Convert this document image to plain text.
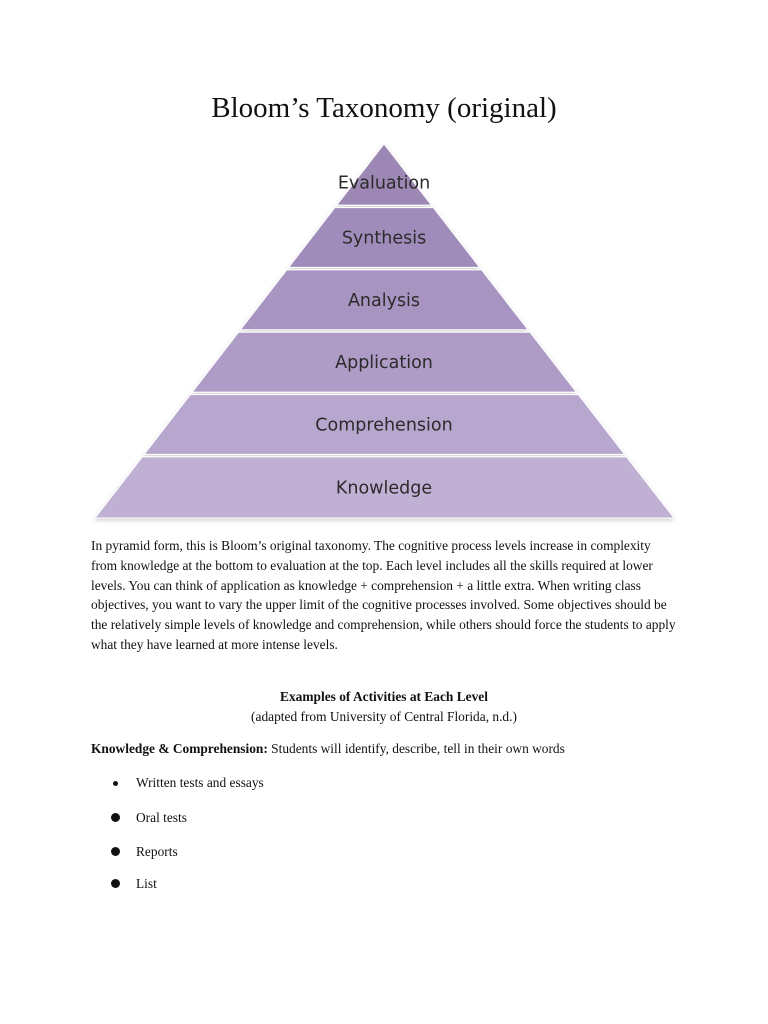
Bloom’s Taxonomy (original)
Evaluation
Synthesis
Analysis
Application
Comprehension
Knowledge

In pyramid form, this is Bloom’s original taxonomy. The cognitive process levels increase in complexity from knowledge at the bottom to evaluation at the top. Each level includes all the skills required at lower levels. You can think of application as knowledge + comprehension + a little extra. When writing class objectives, you want to vary the upper limit of the cognitive processes involved. Some objectives should be the relatively simple levels of knowledge and comprehension, while others should force the students to apply what they have learned at more intense levels.

Examples of Activities at Each Level
(adapted from University of Central Florida, n.d.)
Knowledge & Comprehension: Students will identify, describe, tell in their own words
Written tests and essays
Oral tests
Reports
List
